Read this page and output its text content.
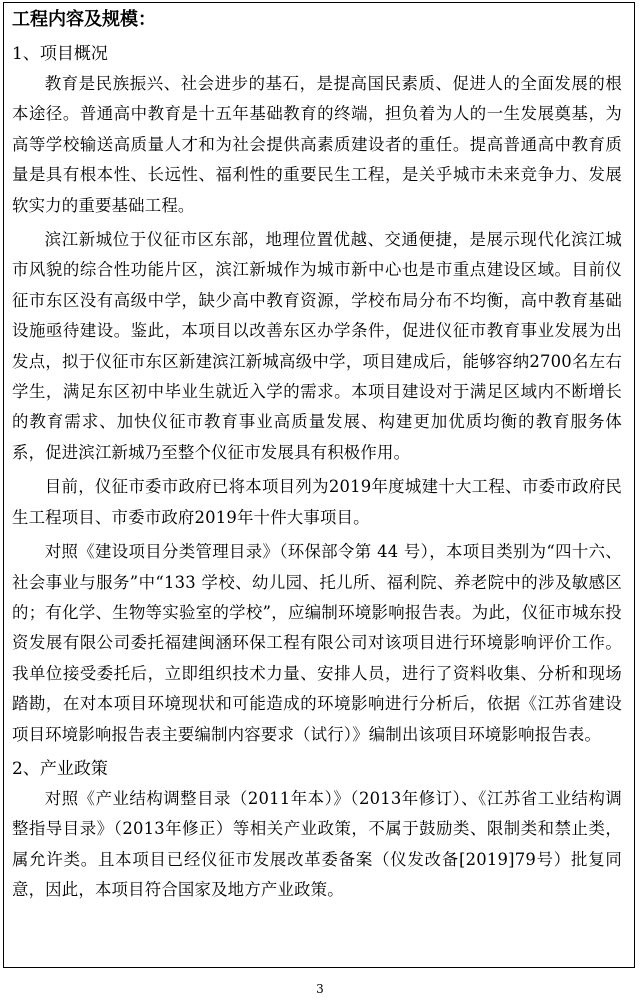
工程内容及规模：
1、项目概况

教育是民族振兴、社会进步的基石，是提高国民素质、促进人的全面发展的根本途径。普通高中教育是十五年基础教育的终端，担负着为人的一生发展奠基，为高等学校输送高质量人才和为社会提供高素质建设者的重任。提高普通高中教育质量是具有根本性、长远性、福利性的重要民生工程，是关乎城市未来竞争力、发展软实力的重要基础工程。

滨江新城位于仪征市区东部，地理位置优越、交通便捷，是展示现代化滨江城市风貌的综合性功能片区，滨江新城作为城市新中心也是市重点建设区域。目前仪征市东区没有高级中学，缺少高中教育资源，学校布局分布不均衡，高中教育基础设施亟待建设。鉴此，本项目以改善东区办学条件，促进仪征市教育事业发展为出发点，拟于仪征市东区新建滨江新城高级中学，项目建成后，能够容纳2700名左右学生，满足东区初中毕业生就近入学的需求。本项目建设对于满足区域内不断增长的教育需求、加快仪征市教育事业高质量发展、构建更加优质均衡的教育服务体系，促进滨江新城乃至整个仪征市发展具有积极作用。

目前，仪征市委市政府已将本项目列为2019年度城建十大工程、市委市政府民生工程项目、市委市政府2019年十件大事项目。

对照《建设项目分类管理目录》（环保部令第 44 号），本项目类别为“四十六、社会事业与服务”中“133 学校、幼儿园、托儿所、福利院、养老院中的涉及敏感区的；有化学、生物等实验室的学校”，应编制环境影响报告表。为此，仪征市城东投资发展有限公司委托福建闽涵环保工程有限公司对该项目进行环境影响评价工作。我单位接受委托后，立即组织技术力量、安排人员，进行了资料收集、分析和现场踏勘，在对本项目环境现状和可能造成的环境影响进行分析后，依据《江苏省建设项目环境影响报告表主要编制内容要求（试行）》编制出该项目环境影响报告表。

2、产业政策

对照《产业结构调整目录（2011年本）》（2013年修订）、《江苏省工业结构调整指导目录》（2013年修正）等相关产业政策，不属于鼓励类、限制类和禁止类，属允许类。且本项目已经仪征市发展改革委备案（仪发改备[2019]79号）批复同意，因此，本项目符合国家及地方产业政策。

3
